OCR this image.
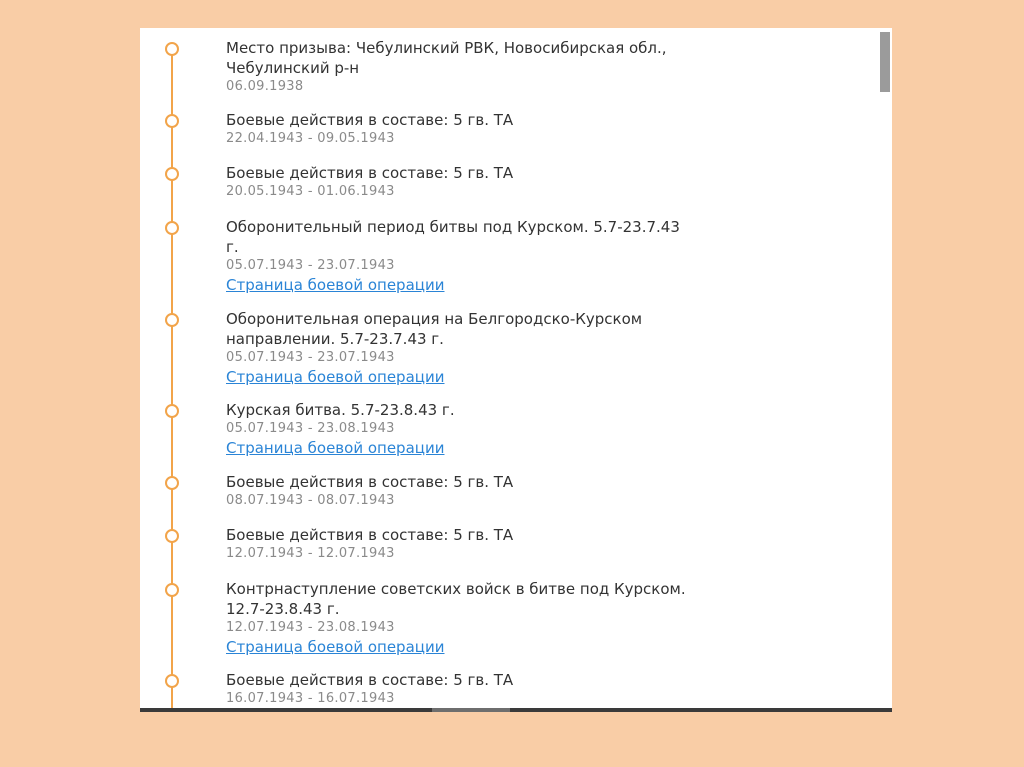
Место призыва: Чебулинский РВК, Новосибирская обл.,
Чебулинский р-н
06.09.1938
Боевые действия в составе: 5 гв. ТА
22.04.1943 - 09.05.1943
Боевые действия в составе: 5 гв. ТА
20.05.1943 - 01.06.1943
Оборонительный период битвы под Курском. 5.7-23.7.43
г.
05.07.1943 - 23.07.1943
Страница боевой операции
Оборонительная операция на Белгородско-Курском
направлении. 5.7-23.7.43 г.
05.07.1943 - 23.07.1943
Страница боевой операции
Курская битва. 5.7-23.8.43 г.
05.07.1943 - 23.08.1943
Страница боевой операции
Боевые действия в составе: 5 гв. ТА
08.07.1943 - 08.07.1943
Боевые действия в составе: 5 гв. ТА
12.07.1943 - 12.07.1943
Контрнаступление советских войск в битве под Курском.
12.7-23.8.43 г.
12.07.1943 - 23.08.1943
Страница боевой операции
Боевые действия в составе: 5 гв. ТА
16.07.1943 - 16.07.1943
